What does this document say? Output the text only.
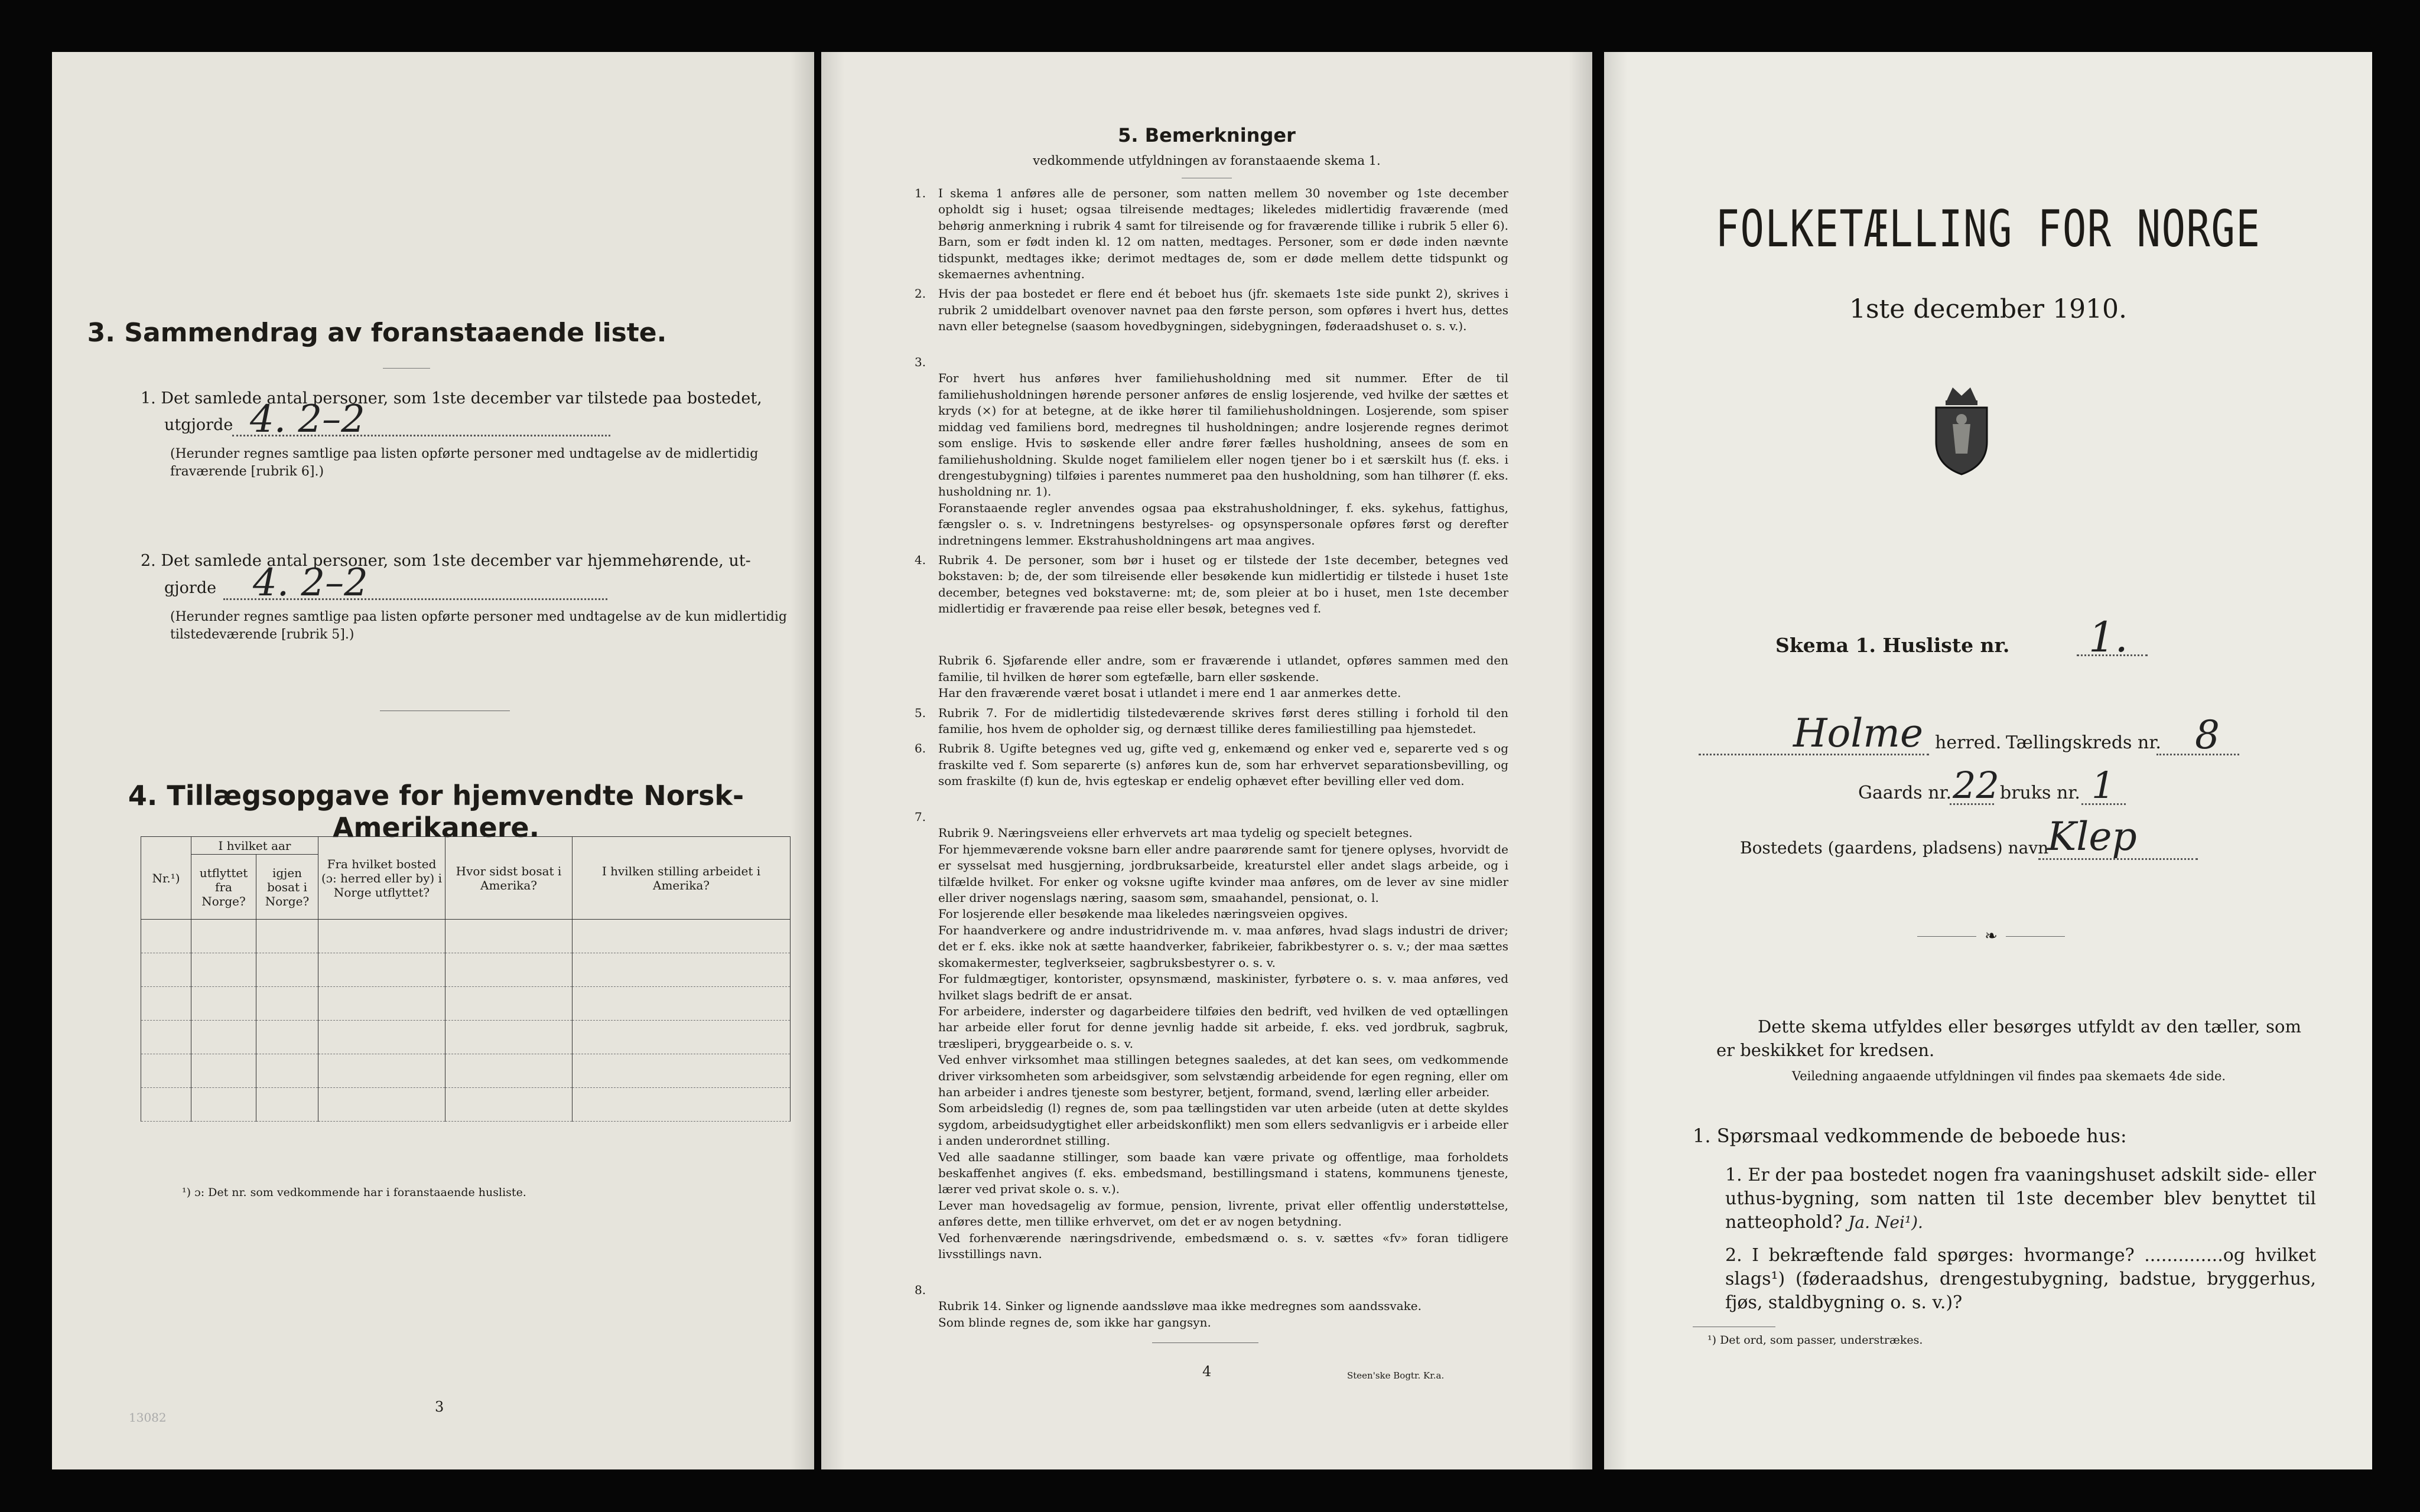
3. Sammendrag av foranstaaende liste.
1. Det samlede antal personer, som 1ste december var tilstede paa bostedet,
utgjorde 4. 2–2
(Herunder regnes samtlige paa listen opførte personer med undtagelse av de midlertidig fraværende [rubrik 6].)
2. Det samlede antal personer, som 1ste december var hjemmehørende, ut-
gjorde 4. 2–2
(Herunder regnes samtlige paa listen opførte personer med undtagelse av de kun midlertidig tilstedeværende [rubrik 5].)
4. Tillægsopgave for hjemvendte Norsk-Amerikanere.
Nr.¹)	I hvilket aar		Fra hvilket bosted (ɔ: herred eller by) i Norge utflyttet?	Hvor sidst bosat i Amerika?	I hvilken stilling arbeidet i Amerika?
	utflyttet fra Norge?	igjen bosat i Norge?			

¹) ɔ: Det nr. som vedkommende har i foranstaaende husliste.
3
13082
5. Bemerkninger
vedkommende utfyldningen av foranstaaende skema 1.
1. I skema 1 anføres alle de personer, som natten mellem 30 november og 1ste december opholdt sig i huset; ogsaa tilreisende medtages; likeledes midlertidig fraværende (med behørig anmerkning i rubrik 4 samt for tilreisende og for fraværende tillike i rubrik 5 eller 6). Barn, som er født inden kl. 12 om natten, medtages. Personer, som er døde inden nævnte tidspunkt, medtages ikke; derimot medtages de, som er døde mellem dette tidspunkt og skemaernes avhentning.
2. Hvis der paa bostedet er flere end ét beboet hus (jfr. skemaets 1ste side punkt 2), skrives i rubrik 2 umiddelbart ovenover navnet paa den første person, som opføres i hvert hus, dettes navn eller betegnelse (saasom hovedbygningen, sidebygningen, føderaadshuset o. s. v.).

3.

For hvert hus anføres hver familiehusholdning med sit nummer. Efter de til familiehusholdningen hørende personer anføres de enslig losjerende, ved hvilke der sættes et kryds (×) for at betegne, at de ikke hører til familiehusholdningen. Losjerende, som spiser middag ved familiens bord, medregnes til husholdningen; andre losjerende regnes derimot som enslige. Hvis to søskende eller andre fører fælles husholdning, ansees de som en familiehusholdning. Skulde noget familielem eller nogen tjener bo i et særskilt hus (f. eks. i drengestubygning) tilføies i parentes nummeret paa den husholdning, som han tilhører (f. eks. husholdning nr. 1).
Foranstaaende regler anvendes ogsaa paa ekstrahusholdninger, f. eks. sykehus, fattighus, fængsler o. s. v. Indretningens bestyrelses- og opsynspersonale opføres først og derefter indretningens lemmer. Ekstrahusholdningens art maa angives.

4. Rubrik 4. De personer, som bør i huset og er tilstede der 1ste december, betegnes ved bokstaven: b; de, der som tilreisende eller besøkende kun midlertidig er tilstede i huset 1ste december, betegnes ved bokstaverne: mt; de, som pleier at bo i huset, men 1ste december midlertidig er fraværende paa reise eller besøk, betegnes ved f.

Rubrik 6. Sjøfarende eller andre, som er fraværende i utlandet, opføres sammen med den familie, til hvilken de hører som egtefælle, barn eller søskende.
Har den fraværende været bosat i utlandet i mere end 1 aar anmerkes dette.

5. Rubrik 7. For de midlertidig tilstedeværende skrives først deres stilling i forhold til den familie, hos hvem de opholder sig, og dernæst tillike deres familiestilling paa hjemstedet.
6. Rubrik 8. Ugifte betegnes ved ug, gifte ved g, enkemænd og enker ved e, separerte ved s og fraskilte ved f. Som separerte (s) anføres kun de, som har erhvervet separationsbevilling, og som fraskilte (f) kun de, hvis egteskap er endelig ophævet efter bevilling eller ved dom.

7.

Rubrik 9. Næringsveiens eller erhvervets art maa tydelig og specielt betegnes.
For hjemmeværende voksne barn eller andre paarørende samt for tjenere oplyses, hvorvidt de er sysselsat med husgjerning, jordbruksarbeide, kreaturstel eller andet slags arbeide, og i tilfælde hvilket. For enker og voksne ugifte kvinder maa anføres, om de lever av sine midler eller driver nogenslags næring, saasom søm, smaahandel, pensionat, o. l.
For losjerende eller besøkende maa likeledes næringsveien opgives.
For haandverkere og andre industridrivende m. v. maa anføres, hvad slags industri de driver; det er f. eks. ikke nok at sætte haandverker, fabrikeier, fabrikbestyrer o. s. v.; der maa sættes skomakermester, teglverkseier, sagbruksbestyrer o. s. v.
For fuldmægtiger, kontorister, opsynsmænd, maskinister, fyrbøtere o. s. v. maa anføres, ved hvilket slags bedrift de er ansat.
For arbeidere, inderster og dagarbeidere tilføies den bedrift, ved hvilken de ved optællingen har arbeide eller forut for denne jevnlig hadde sit arbeide, f. eks. ved jordbruk, sagbruk, træsliperi, bryggearbeide o. s. v.
Ved enhver virksomhet maa stillingen betegnes saaledes, at det kan sees, om vedkommende driver virksomheten som arbeidsgiver, som selvstændig arbeidende for egen regning, eller om han arbeider i andres tjeneste som bestyrer, betjent, formand, svend, lærling eller arbeider.
Som arbeidsledig (l) regnes de, som paa tællingstiden var uten arbeide (uten at dette skyldes sygdom, arbeidsudygtighet eller arbeidskonflikt) men som ellers sedvanligvis er i arbeide eller i anden underordnet stilling.
Ved alle saadanne stillinger, som baade kan være private og offentlige, maa forholdets beskaffenhet angives (f. eks. embedsmand, bestillingsmand i statens, kommunens tjeneste, lærer ved privat skole o. s. v.).
Lever man hovedsagelig av formue, pension, livrente, privat eller offentlig understøttelse, anføres dette, men tillike erhvervet, om det er av nogen betydning.
Ved forhenværende næringsdrivende, embedsmænd o. s. v. sættes «fv» foran tidligere livsstillings navn.

8.

Rubrik 14. Sinker og lignende aandssløve maa ikke medregnes som aandssvake.
Som blinde regnes de, som ikke har gangsyn.

4	Steen'ske Bogtr. Kr.a.
FOLKETÆLLING FOR NORGE
1ste december 1910.

Skema 1. Husliste nr. 1.
Holme herred. Tællingskreds nr. 8
Gaards nr. 22 bruks nr. 1
Bostedets (gaardens, pladsens) navn
Klep
❧
Dette skema utfyldes eller besørges utfyldt av den tæller, som er beskikket for kredsen.
Veiledning angaaende utfyldningen vil findes paa skemaets 4de side.
1. Spørsmaal vedkommende de beboede hus:
1. Er der paa bostedet nogen fra vaaningshuset adskilt side- eller uthus-bygning, som natten til 1ste december blev benyttet til natteophold? Ja. Nei¹).
2. I bekræftende fald spørges: hvormange? ..............og hvilket slags¹) (føderaadshus, drengestubygning, badstue, bryggerhus, fjøs, staldbygning o. s. v.)?
¹) Det ord, som passer, understrækes.
